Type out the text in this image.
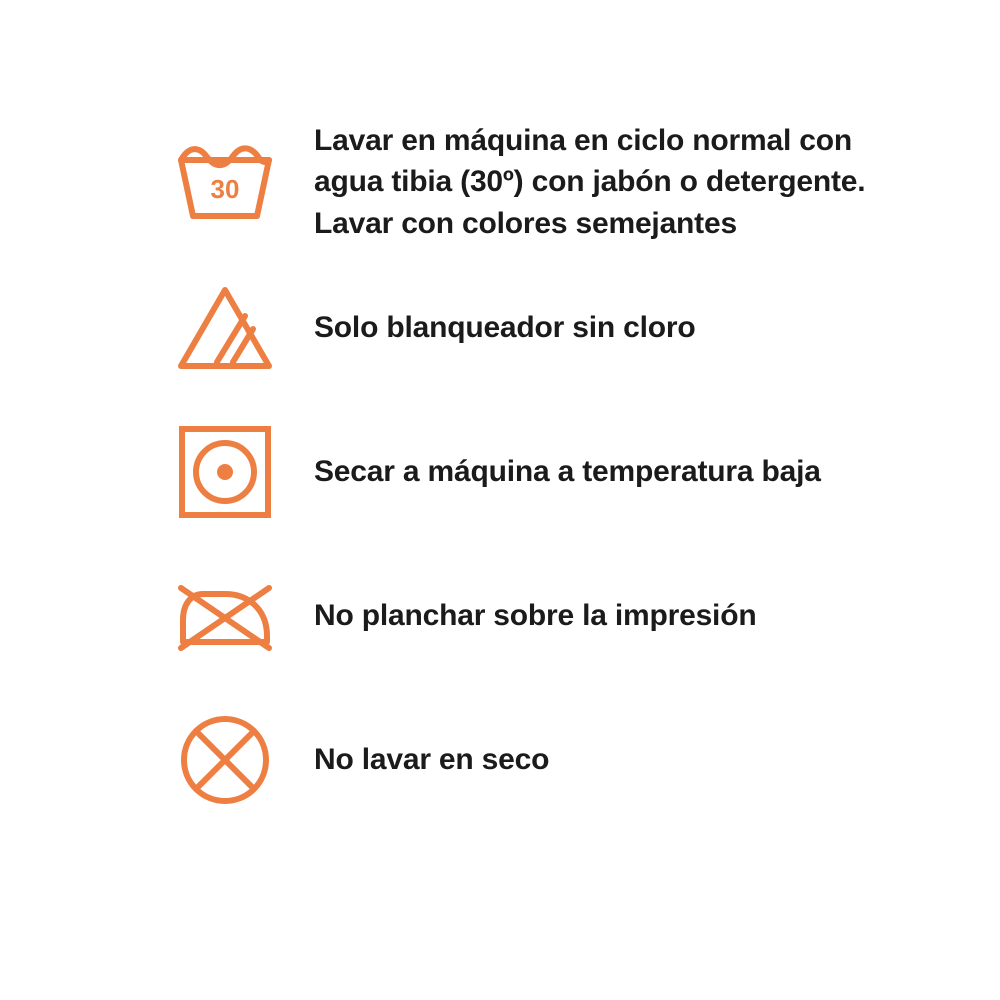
30
Lavar en máquina en ciclo normal con
agua tibia (30º) con jabón o detergente.
Lavar con colores semejantes
Solo blanqueador sin cloro
Secar a máquina a temperatura baja
No planchar sobre la impresión
No lavar en seco
